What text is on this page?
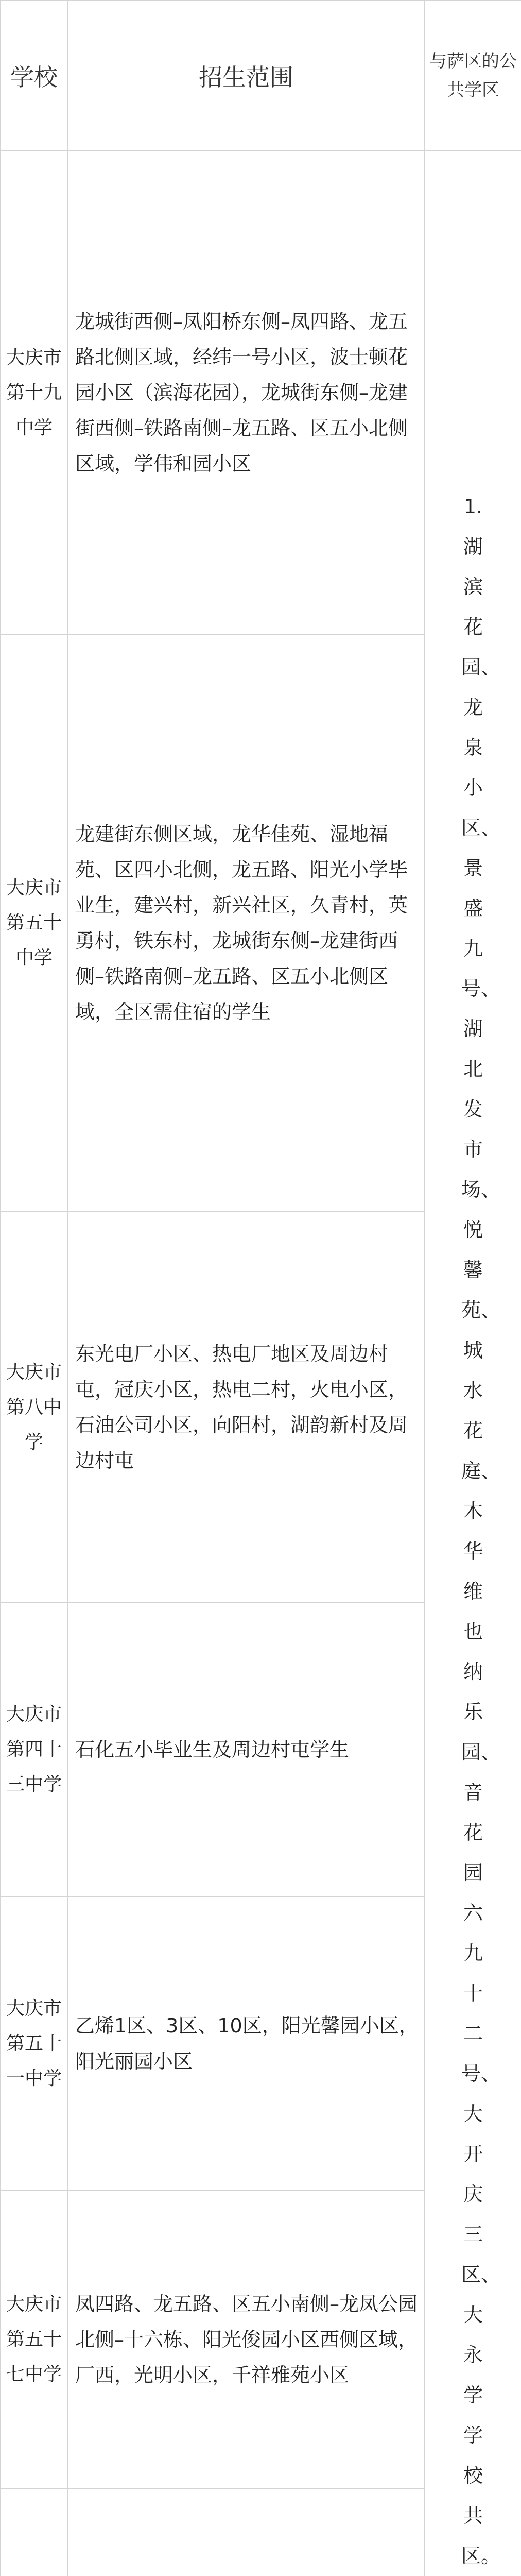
学校	招生范围	与萨区的公共学区
大庆市第十九中学	龙城街西侧–凤阳桥东侧–凤四路、龙五路北侧区域，经纬一号小区，波士顿花园小区（滨海花园），龙城街东侧–龙建街西侧–铁路南侧–龙五路、区五小北侧区域，学伟和园小区	1. 湖滨花园、龙泉小区、景盛九号、湖北发市场、悦馨苑、城水花庭、木华维也纳乐园、音花园六九十二号、大开庆三区、大永学学校共区。

大庆市第五十中学	龙建街东侧区域，龙华佳苑、湿地福苑、区四小北侧，龙五路、阳光小学毕业生，建兴村，新兴社区，久青村，英勇村，铁东村，龙城街东侧–龙建街西侧–铁路南侧–龙五路、区五小北侧区域，全区需住宿的学生	
大庆市第八中学	东光电厂小区、热电厂地区及周边村屯，冠庆小区，热电二村，火电小区，石油公司小区，向阳村，湖韵新村及周边村屯	
大庆市第四十三中学	石化五小毕业生及周边村屯学生	
大庆市第五十一中学	乙烯1区、3区、10区，阳光馨园小区，阳光丽园小区	
大庆市第五十七中学	凤四路、龙五路、区五小南侧–龙凤公园北侧–十六栋、阳光俊园小区西侧区域，厂西，光明小区，千祥雅苑小区	
